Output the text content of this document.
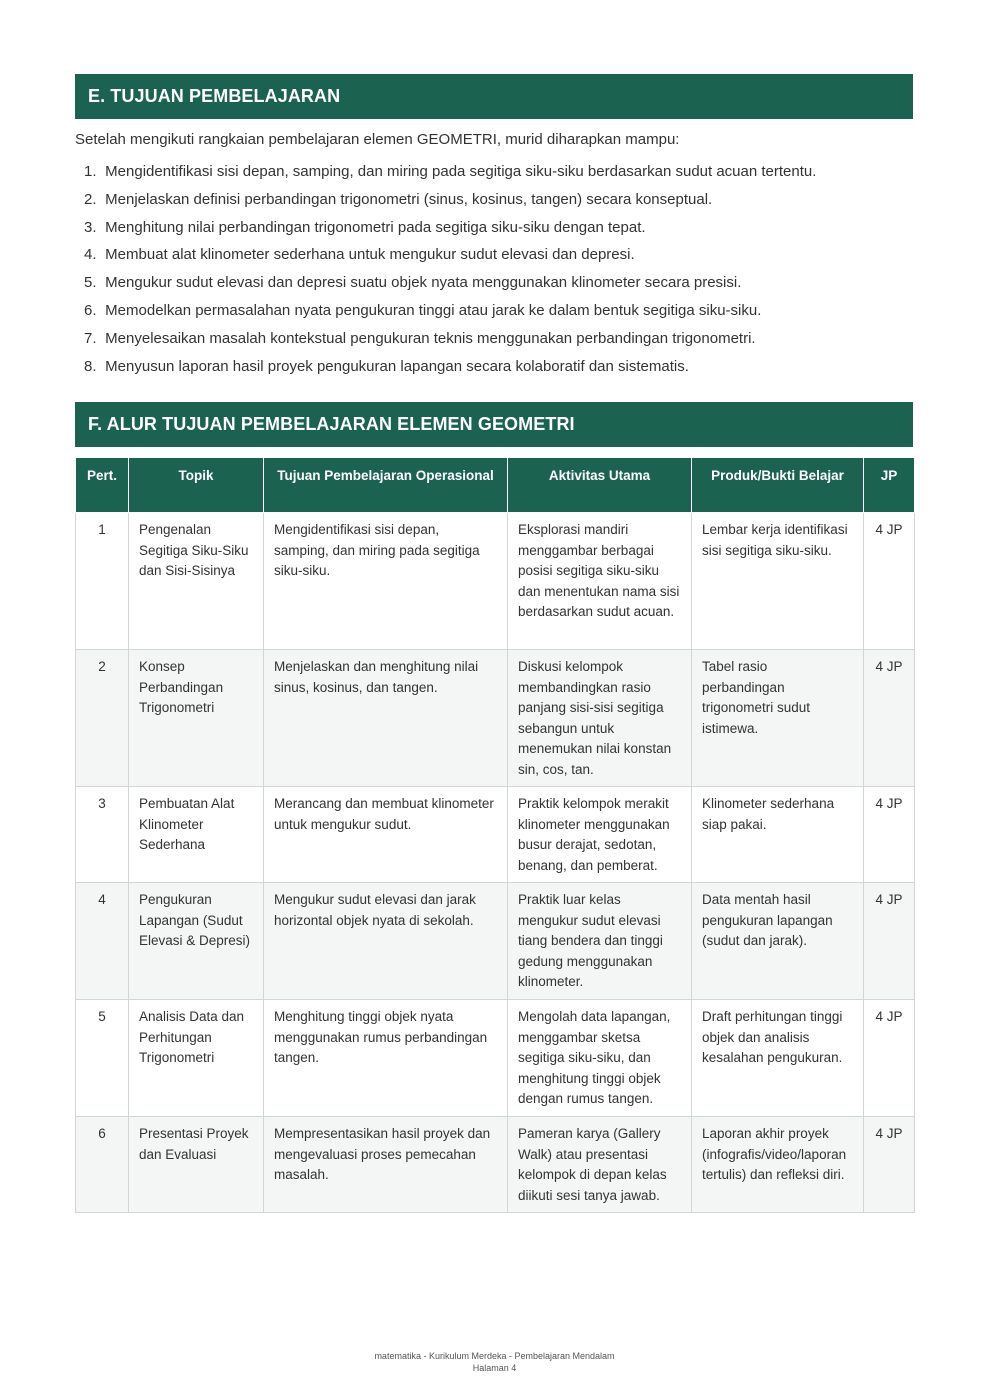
E. TUJUAN PEMBELAJARAN
Setelah mengikuti rangkaian pembelajaran elemen GEOMETRI, murid diharapkan mampu:
1. Mengidentifikasi sisi depan, samping, dan miring pada segitiga siku-siku berdasarkan sudut acuan tertentu.
2. Menjelaskan definisi perbandingan trigonometri (sinus, kosinus, tangen) secara konseptual.
3. Menghitung nilai perbandingan trigonometri pada segitiga siku-siku dengan tepat.
4. Membuat alat klinometer sederhana untuk mengukur sudut elevasi dan depresi.
5. Mengukur sudut elevasi dan depresi suatu objek nyata menggunakan klinometer secara presisi.
6. Memodelkan permasalahan nyata pengukuran tinggi atau jarak ke dalam bentuk segitiga siku-siku.
7. Menyelesaikan masalah kontekstual pengukuran teknis menggunakan perbandingan trigonometri.
8. Menyusun laporan hasil proyek pengukuran lapangan secara kolaboratif dan sistematis.
F. ALUR TUJUAN PEMBELAJARAN ELEMEN GEOMETRI
Pert.	Topik	Tujuan Pembelajaran Operasional	Aktivitas Utama	Produk/Bukti Belajar	JP
1	Pengenalan Segitiga Siku-Siku dan Sisi-Sisinya	Mengidentifikasi sisi depan, samping, dan miring pada segitiga siku-siku.	Eksplorasi mandiri menggambar berbagai posisi segitiga siku-siku dan menentukan nama sisi berdasarkan sudut acuan.	Lembar kerja identifikasi sisi segitiga siku-siku.	4 JP
2	Konsep Perbandingan Trigonometri	Menjelaskan dan menghitung nilai sinus, kosinus, dan tangen.	Diskusi kelompok membandingkan rasio panjang sisi-sisi segitiga sebangun untuk menemukan nilai konstan sin, cos, tan.	Tabel rasio perbandingan trigonometri sudut istimewa.	4 JP
3	Pembuatan Alat Klinometer Sederhana	Merancang dan membuat klinometer untuk mengukur sudut.	Praktik kelompok merakit klinometer menggunakan busur derajat, sedotan, benang, dan pemberat.	Klinometer sederhana siap pakai.	4 JP
4	Pengukuran Lapangan (Sudut Elevasi & Depresi)	Mengukur sudut elevasi dan jarak horizontal objek nyata di sekolah.	Praktik luar kelas mengukur sudut elevasi tiang bendera dan tinggi gedung menggunakan klinometer.	Data mentah hasil pengukuran lapangan (sudut dan jarak).	4 JP
5	Analisis Data dan Perhitungan Trigonometri	Menghitung tinggi objek nyata menggunakan rumus perbandingan tangen.	Mengolah data lapangan, menggambar sketsa segitiga siku-siku, dan menghitung tinggi objek dengan rumus tangen.	Draft perhitungan tinggi objek dan analisis kesalahan pengukuran.	4 JP
6	Presentasi Proyek dan Evaluasi	Mempresentasikan hasil proyek dan mengevaluasi proses pemecahan masalah.	Pameran karya (Gallery Walk) atau presentasi kelompok di depan kelas diikuti sesi tanya jawab.	Laporan akhir proyek (infografis/video/laporan tertulis) dan refleksi diri.	4 JP
matematika - Kurikulum Merdeka - Pembelajaran Mendalam
Halaman 4
